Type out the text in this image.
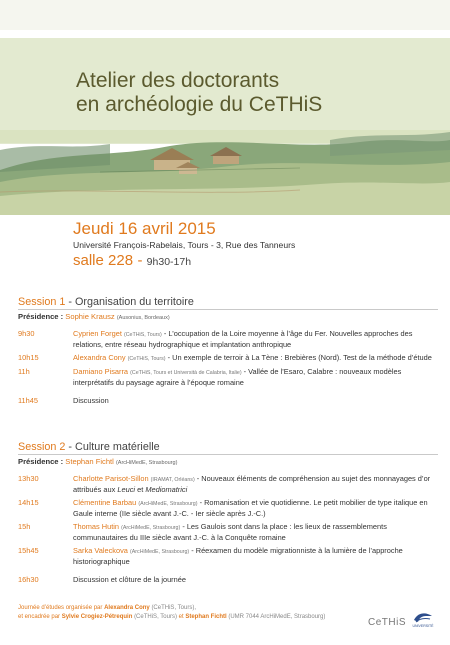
Atelier des doctorants
en archéologie du CeTHiS
Jeudi 16 avril 2015
Université François-Rabelais, Tours - 3, Rue des Tanneurs
salle 228 - 9h30-17h
Session 1 - Organisation du territoire
Présidence : Sophie Krausz (Ausonius, Bordeaux)
9h30	Cyprien Forget (CeTHiS, Tours) - L’occupation de la Loire moyenne à l’âge du Fer. Nouvelles approches des relations, entre réseau hydrographique et implantation anthropique
10h15	Alexandra Cony (CeTHiS, Tours) - Un exemple de terroir à La Tène : Brebières (Nord). Test de la méthode d’étude
11h	Damiano Pisarra (CeTHiS, Tours et Università de Calabria, Italie) - Vallée de l’Esaro, Calabre : nouveaux modèles interprétatifs du paysage agraire à l’époque romaine
11h45	Discussion
Session 2 - Culture matérielle
Présidence : Stephan Fichtl (ArcHiMedE, Strasbourg)
13h30	Charlotte Parisot-Sillon (IRAMAT, Orléans) - Nouveaux éléments de compréhension au sujet des monnayages d’or attribués aux Leuci et Mediomatrici
14h15	Clémentine Barbau (ArcHiMedE, Strasbourg) - Romanisation et vie quotidienne. Le petit mobilier de type italique en Gaule interne (IIe siècle avant J.-C. - Ier siècle après J.-C.)
15h	Thomas Hutin (ArcHiMedE, Strasbourg) - Les Gaulois sont dans la place : les lieux de rassemblements communautaires du IIIe siècle avant J.-C. à la Conquête romaine
15h45	Sarka Valeckova (ArcHiMedE, Strasbourg) - Réexamen du modèle migrationniste à la lumière de l’approche historiographique
16h30	Discussion et clôture de la journée
Journée d’études organisée par Alexandra Cony (CeTHiS, Tours),
et encadrée par Sylvie Crogiez-Pétrequin (CeTHiS, Tours) et Stephan Fichtl (UMR 7044 ArcHiMedE, Strasbourg)	CeTHiS UNIVERSITÉ
